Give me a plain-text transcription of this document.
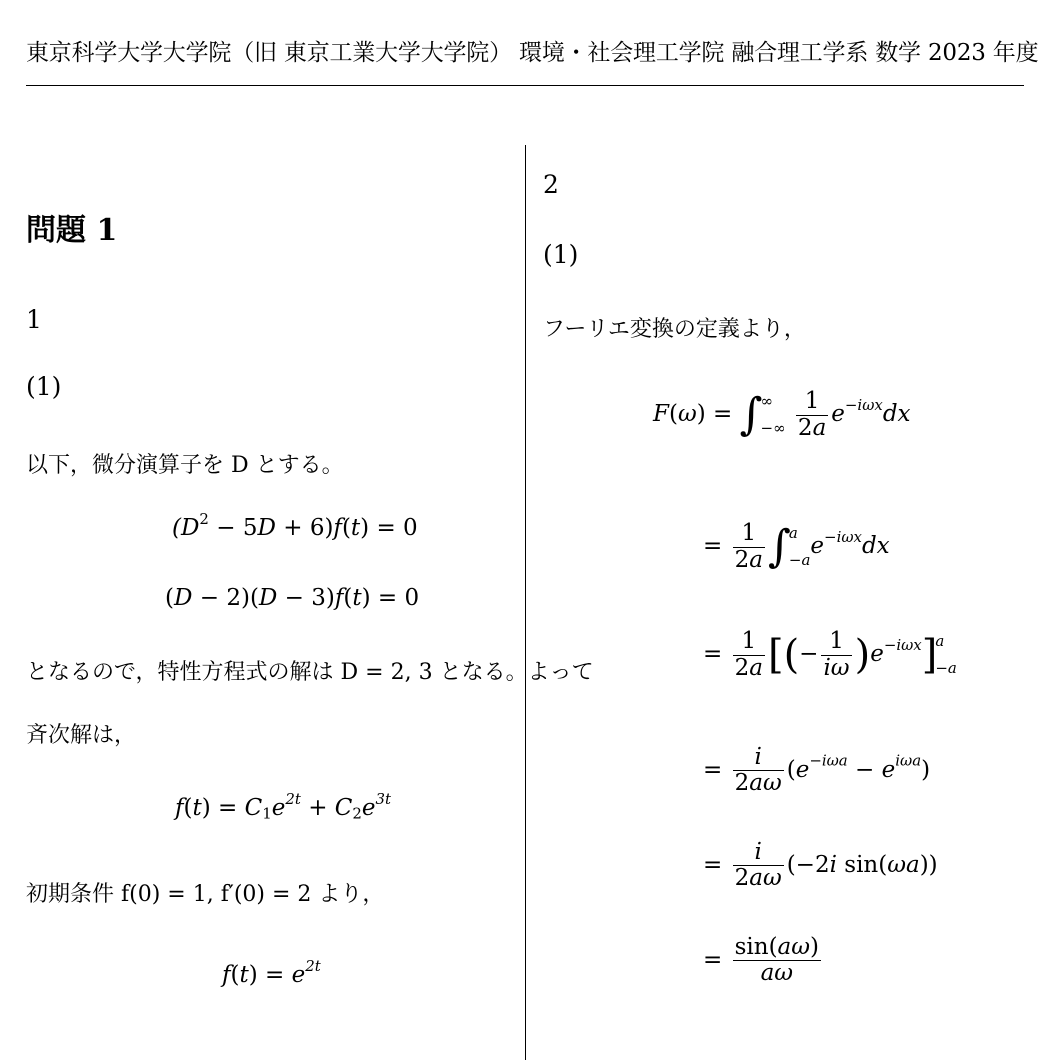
東京科学大学大学院（旧 東京工業大学大学院） 環境・社会理工学院 融合理工学系 数学 2023 年度
問題 1
1
(1)
以下，微分演算子を D とする。
$(D^2 - 5D + 6)f(t) = 0$
(D − 2)(D − 3)f(t) = 0
となるので，特性方程式の解は D = 2, 3 となる。よって
斉次解は，
$f(t) = C_1e^{2t} + C_2e^{3t}$
初期条件 f(0) = 1, f′(0) = 2 より，
$f(t) = e^{2t}$
2
(1)
フーリエ変換の定義より，
F(ω) = ∫
∞
−∞
$\frac{1}{2a} e^{-i\omega x}dx$
= $\frac{1}{2a}$ ∫
a
−a
$e^{-i\omega x}dx$
= $\frac{1}{2a}$ [(− $\frac{1}{i\omega} )e^{-i\omega x}$]
a
−a
= $\frac{i}{2a\omega} (e^{-i\omega a} - e^{i\omega a})$
= $\frac{i}{2a\omega} (-2i$ sin(ωa))
= $\frac{\sin(a\omega)}{a\omega}$
